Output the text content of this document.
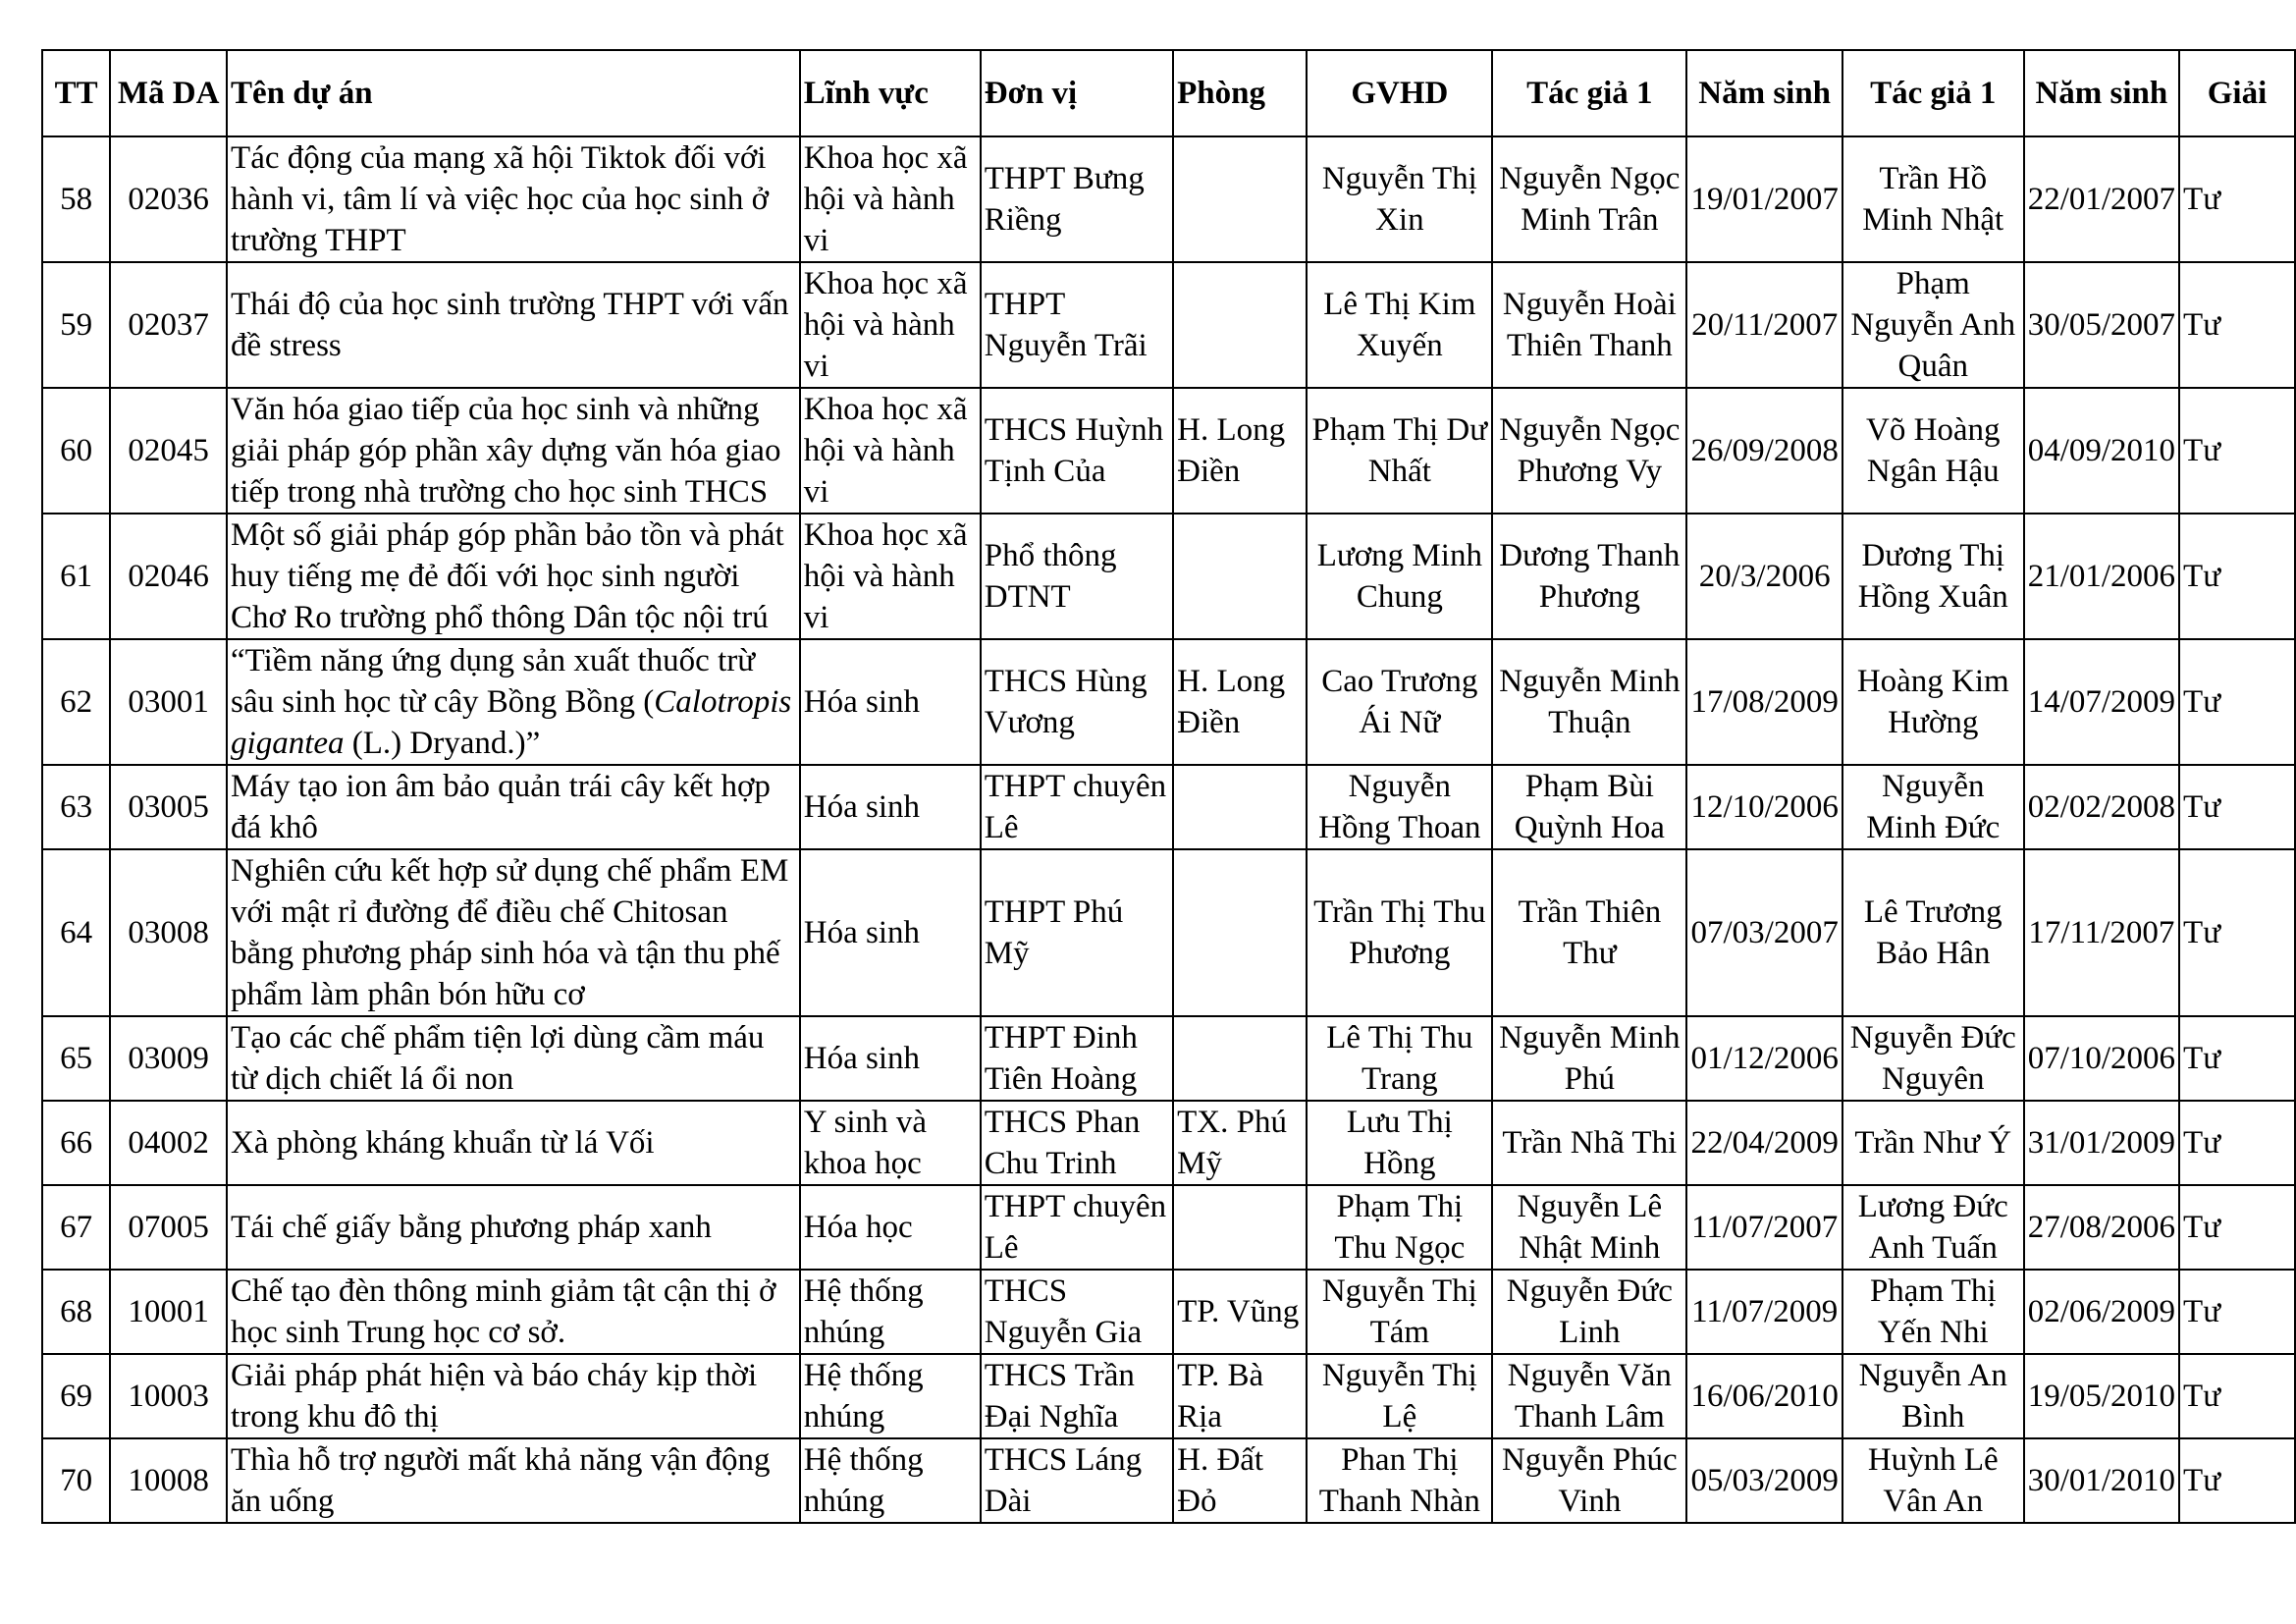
TT	Mã DA	Tên dự án	Lĩnh vực	Đơn vị	Phòng	GVHD	Tác giả 1	Năm sinh	Tác giả 1	Năm sinh	Giải
58	02036	Tác động của mạng xã hội Tiktok đối với hành vi, tâm lí và việc học của học sinh ở trường THPT	Khoa học xã hội và hành vi	THPT Bưng Riềng		Nguyễn Thị Xin	Nguyễn Ngọc Minh Trân	19/01/2007	Trần Hồ Minh Nhật	22/01/2007	Tư
59	02037	Thái độ của học sinh trường THPT với vấn đề stress	Khoa học xã hội và hành vi	THPT Nguyễn Trãi		Lê Thị Kim Xuyến	Nguyễn Hoài Thiên Thanh	20/11/2007	Phạm Nguyễn Anh Quân	30/05/2007	Tư
60	02045	Văn hóa giao tiếp của học sinh và những giải pháp góp phần xây dựng văn hóa giao tiếp trong nhà trường cho học sinh THCS	Khoa học xã hội và hành vi	THCS Huỳnh Tịnh Của	H. Long Điền	Phạm Thị Dư Nhất	Nguyễn Ngọc Phương Vy	26/09/2008	Võ Hoàng Ngân Hậu	04/09/2010	Tư
61	02046	Một số giải pháp góp phần bảo tồn và phát huy tiếng mẹ đẻ đối với học sinh người Chơ Ro trường phổ thông Dân tộc nội trú	Khoa học xã hội và hành vi	Phổ thông DTNT		Lương Minh Chung	Dương Thanh Phương	20/3/2006	Dương Thị Hồng Xuân	21/01/2006	Tư
62	03001	“Tiềm năng ứng dụng sản xuất thuốc trừ sâu sinh học từ cây Bồng Bồng (Calotropis gigantea (L.) Dryand.)”	Hóa sinh	THCS Hùng Vương	H. Long Điền	Cao Trương Ái Nữ	Nguyễn Minh Thuận	17/08/2009	Hoàng Kim Hường	14/07/2009	Tư
63	03005	Máy tạo ion âm bảo quản trái cây kết hợp đá khô	Hóa sinh	THPT chuyên Lê		Nguyễn Hồng Thoan	Phạm Bùi Quỳnh Hoa	12/10/2006	Nguyễn Minh Đức	02/02/2008	Tư
64	03008	Nghiên cứu kết hợp sử dụng chế phẩm EM với mật rỉ đường để điều chế Chitosan bằng phương pháp sinh hóa và tận thu phế phẩm làm phân bón hữu cơ	Hóa sinh	THPT Phú Mỹ		Trần Thị Thu Phương	Trần Thiên Thư	07/03/2007	Lê Trương Bảo Hân	17/11/2007	Tư
65	03009	Tạo các chế phẩm tiện lợi dùng cầm máu từ dịch chiết lá ổi non	Hóa sinh	THPT Đinh Tiên Hoàng		Lê Thị Thu Trang	Nguyễn Minh Phú	01/12/2006	Nguyễn Đức Nguyên	07/10/2006	Tư
66	04002	Xà phòng kháng khuẩn từ lá Vối	Y sinh và khoa học	THCS Phan Chu Trinh	TX. Phú Mỹ	Lưu Thị Hồng	Trần Nhã Thi	22/04/2009	Trần Như Ý	31/01/2009	Tư
67	07005	Tái chế giấy bằng phương pháp xanh	Hóa học	THPT chuyên Lê		Phạm Thị Thu Ngọc	Nguyễn Lê Nhật Minh	11/07/2007	Lương Đức Anh Tuấn	27/08/2006	Tư
68	10001	Chế tạo đèn thông minh giảm tật cận thị ở học sinh Trung học cơ sở.	Hệ thống nhúng	THCS Nguyễn Gia	TP. Vũng	Nguyễn Thị Tám	Nguyễn Đức Linh	11/07/2009	Phạm Thị Yến Nhi	02/06/2009	Tư
69	10003	Giải pháp phát hiện và báo cháy kịp thời trong khu đô thị	Hệ thống nhúng	THCS Trần Đại Nghĩa	TP. Bà Rịa	Nguyễn Thị Lệ	Nguyễn Văn Thanh Lâm	16/06/2010	Nguyễn An Bình	19/05/2010	Tư
70	10008	Thìa hỗ trợ người mất khả năng vận động ăn uống	Hệ thống nhúng	THCS Láng Dài	H. Đất Đỏ	Phan Thị Thanh Nhàn	Nguyễn Phúc Vinh	05/03/2009	Huỳnh Lê Vân An	30/01/2010	Tư
